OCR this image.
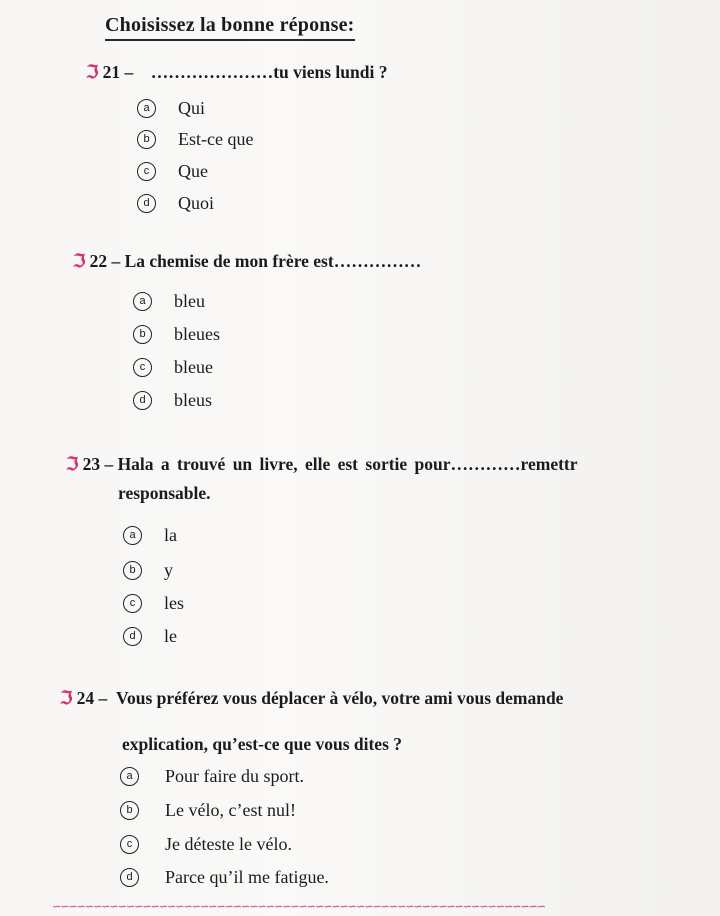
Choisissez la bonne réponse:
ℑ 21 – …………………tu viens lundi ?
a	Qui
b	Est-ce que
c	Que
d	Quoi
ℑ 22 – La chemise de mon frère est……………
a	bleu
b	bleues
c	bleue
d	bleus
ℑ 23 – Hala a trouvé un livre, elle est sortie pour…………remettr
responsable.
a	la
b	y
c	les
d	le
ℑ 24 – Vous préférez vous déplacer à vélo, votre ami vous demande
explication, qu’est-ce que vous dites ?
a	Pour faire du sport.
b	Le vélo, c’est nul!
c	Je déteste le vélo.
d	Parce qu’il me fatigue.
∽∽∽∽∽∽∽∽∽∽∽∽∽∽∽∽∽∽∽∽∽∽∽∽∽∽∽∽∽∽∽∽∽∽∽∽∽∽∽∽∽∽∽∽∽∽∽∽∽∽∽∽∽∽∽∽∽∽∽∽
